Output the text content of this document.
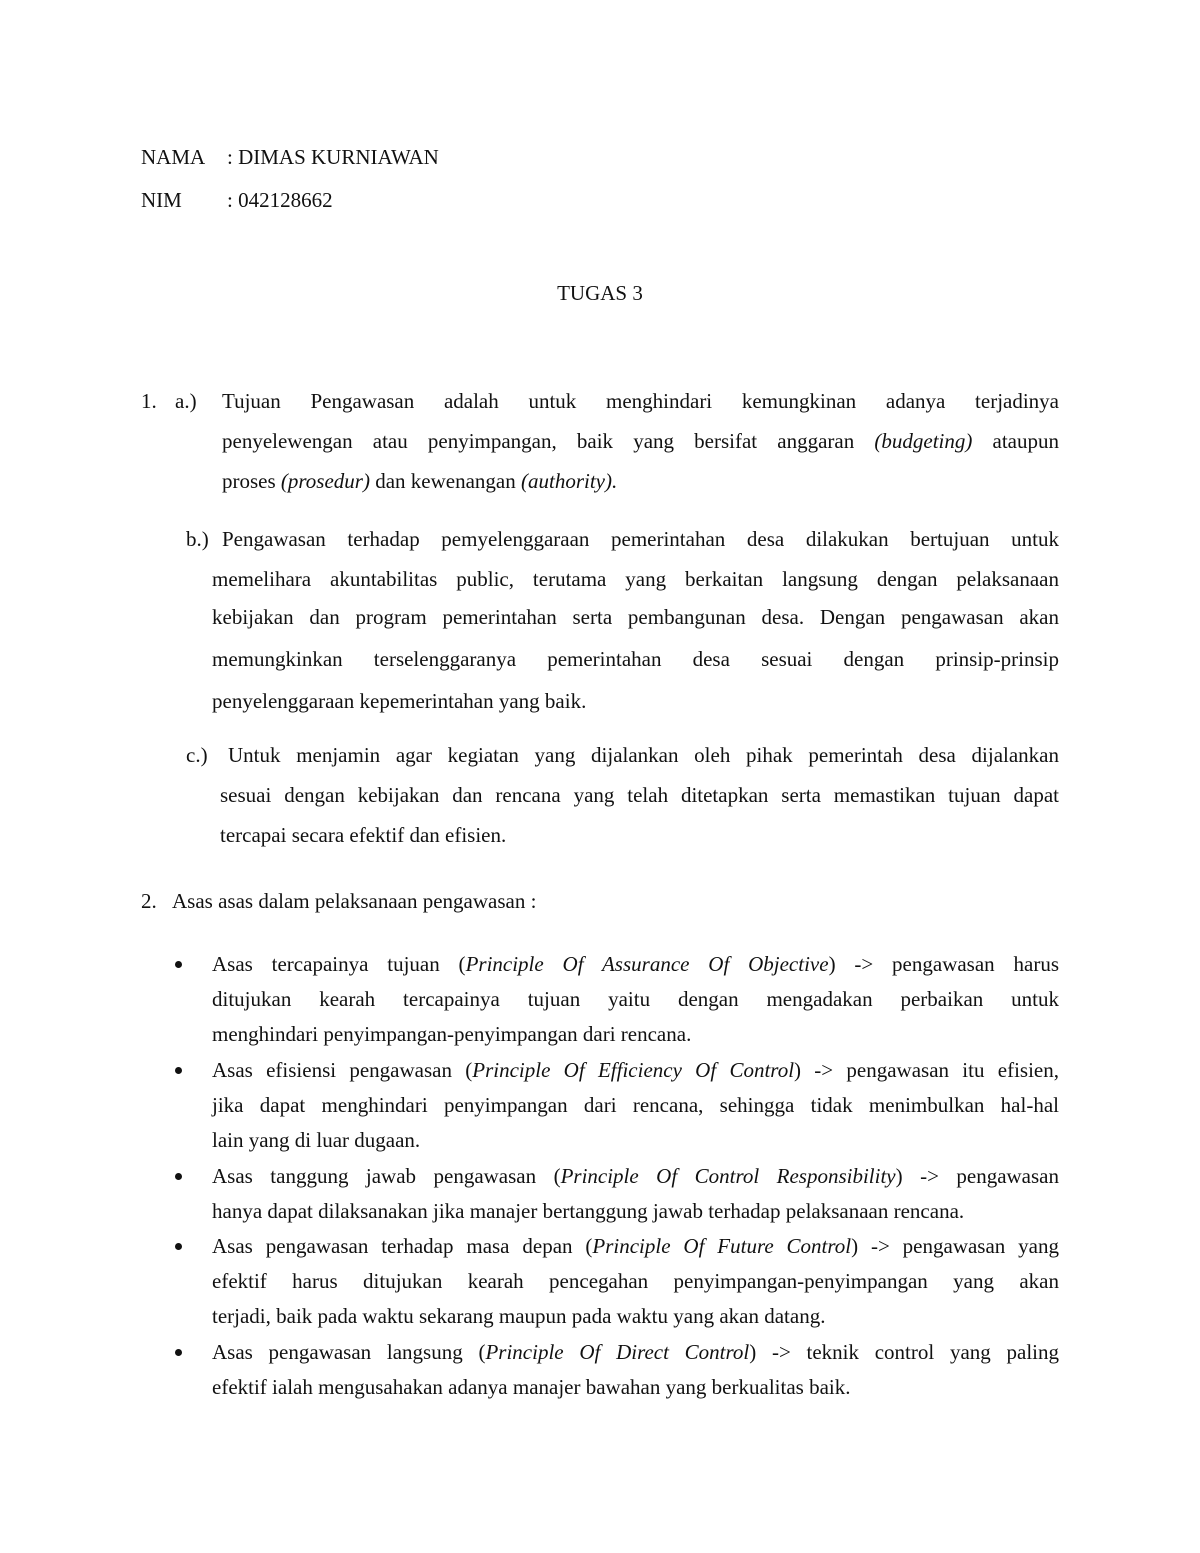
NAMA : DIMAS KURNIAWAN
NIM : 042128662
TUGAS 3
1. a.) Tujuan Pengawasan adalah untuk menghindari kemungkinan adanya terjadinya
penyelewengan atau penyimpangan, baik yang bersifat anggaran (budgeting) ataupun
proses (prosedur) dan kewenangan (authority).
b.) Pengawasan terhadap pemyelenggaraan pemerintahan desa dilakukan bertujuan untuk
memelihara akuntabilitas public, terutama yang berkaitan langsung dengan pelaksanaan
kebijakan dan program pemerintahan serta pembangunan desa. Dengan pengawasan akan
memungkinkan terselenggaranya pemerintahan desa sesuai dengan prinsip-prinsip
penyelenggaraan kepemerintahan yang baik.
c.) Untuk menjamin agar kegiatan yang dijalankan oleh pihak pemerintah desa dijalankan
sesuai dengan kebijakan dan rencana yang telah ditetapkan serta memastikan tujuan dapat
tercapai secara efektif dan efisien.
2. Asas asas dalam pelaksanaan pengawasan :
Asas tercapainya tujuan (Principle Of Assurance Of Objective) -> pengawasan harus
ditujukan kearah tercapainya tujuan yaitu dengan mengadakan perbaikan untuk
menghindari penyimpangan-penyimpangan dari rencana.
Asas efisiensi pengawasan (Principle Of Efficiency Of Control) -> pengawasan itu efisien,
jika dapat menghindari penyimpangan dari rencana, sehingga tidak menimbulkan hal-hal
lain yang di luar dugaan.
Asas tanggung jawab pengawasan (Principle Of Control Responsibility) -> pengawasan
hanya dapat dilaksanakan jika manajer bertanggung jawab terhadap pelaksanaan rencana.
Asas pengawasan terhadap masa depan (Principle Of Future Control) -> pengawasan yang
efektif harus ditujukan kearah pencegahan penyimpangan-penyimpangan yang akan
terjadi, baik pada waktu sekarang maupun pada waktu yang akan datang.
Asas pengawasan langsung (Principle Of Direct Control) -> teknik control yang paling
efektif ialah mengusahakan adanya manajer bawahan yang berkualitas baik.
